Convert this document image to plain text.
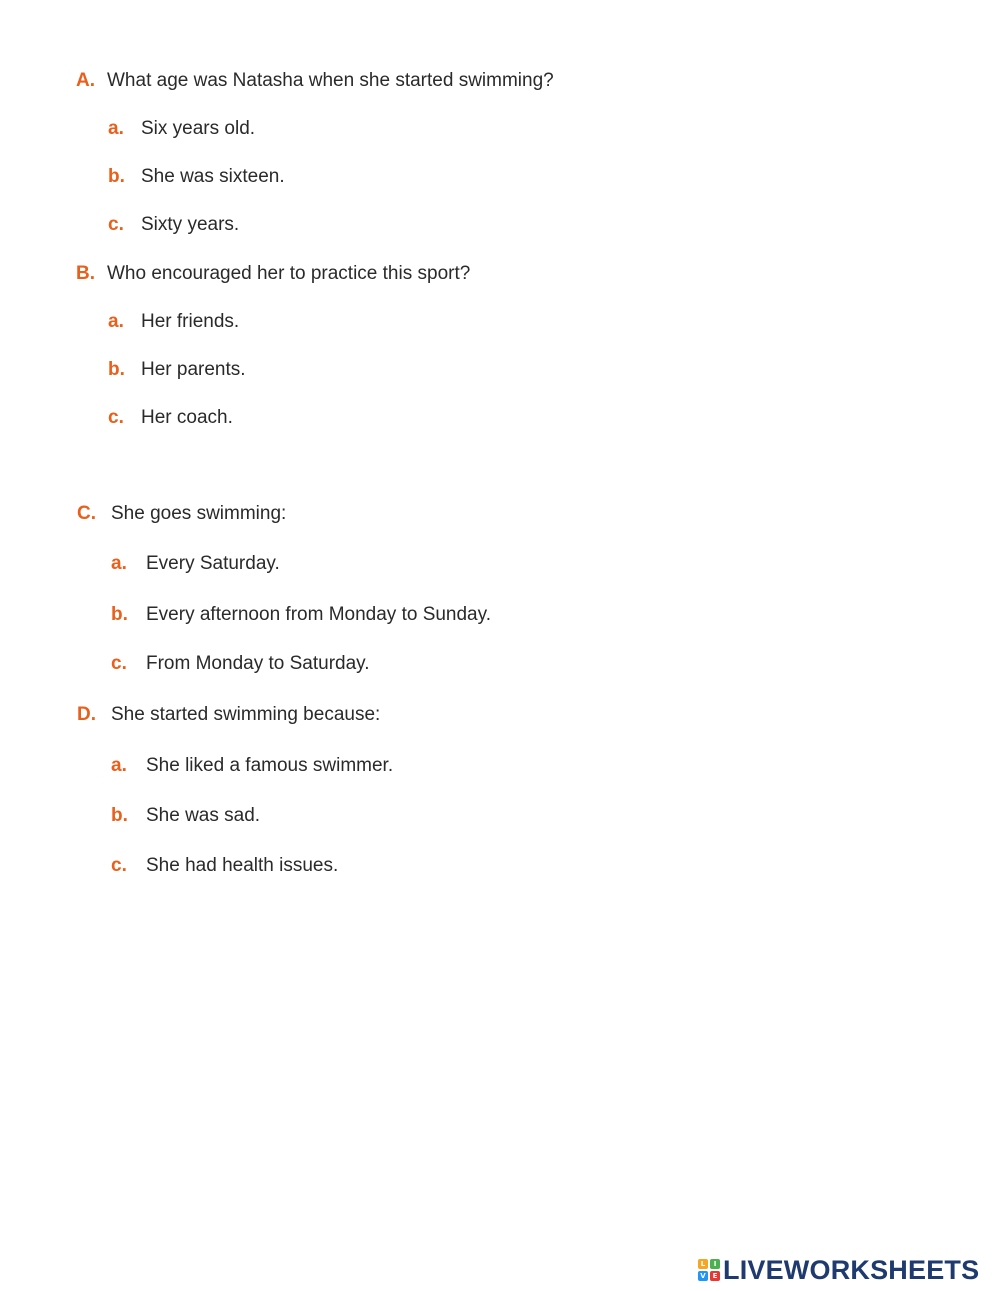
A. What age was Natasha when she started swimming?
a. Six years old.
b. She was sixteen.
c. Sixty years.
B. Who encouraged her to practice this sport?
a. Her friends.
b. Her parents.
c. Her coach.
C. She goes swimming:
a. Every Saturday.
b. Every afternoon from Monday to Sunday.
c. From Monday to Saturday.
D. She started swimming because:
a. She liked a famous swimmer.
b. She was sad.
c. She had health issues.
L	I
V E LIVEWORKSHEETS
